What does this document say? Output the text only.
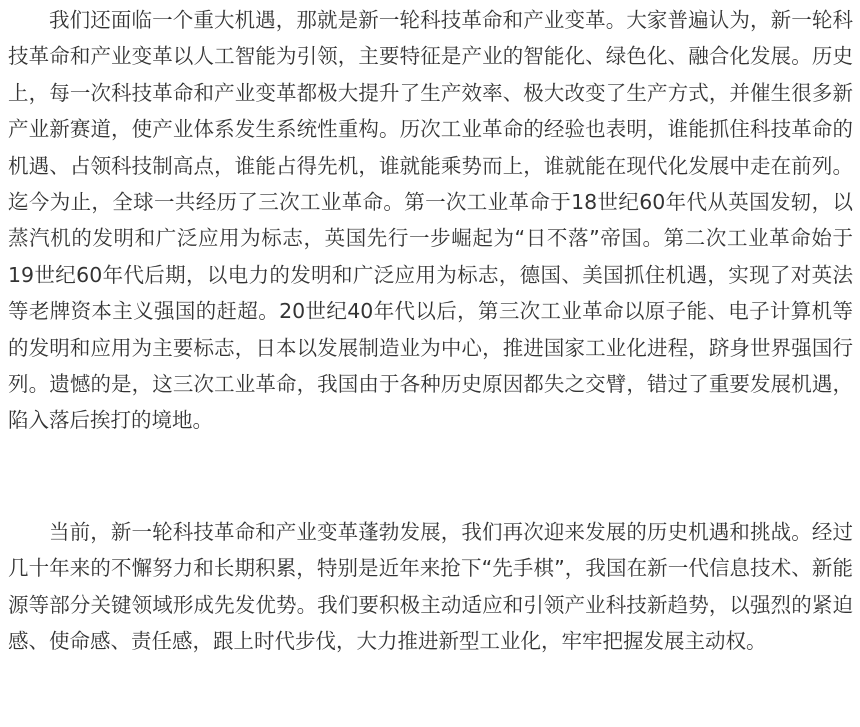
我们还面临一个重大机遇，那就是新一轮科技革命和产业变革。大家普遍认为，新一轮科技革命和产业变革以人工智能为引领，主要特征是产业的智能化、绿色化、融合化发展。历史上，每一次科技革命和产业变革都极大提升了生产效率、极大改变了生产方式，并催生很多新产业新赛道，使产业体系发生系统性重构。历次工业革命的经验也表明，谁能抓住科技革命的机遇、占领科技制高点，谁能占得先机，谁就能乘势而上，谁就能在现代化发展中走在前列。迄今为止，全球一共经历了三次工业革命。第一次工业革命于18世纪60年代从英国发轫，以蒸汽机的发明和广泛应用为标志，英国先行一步崛起为“日不落”帝国。第二次工业革命始于19世纪60年代后期，以电力的发明和广泛应用为标志，德国、美国抓住机遇，实现了对英法等老牌资本主义强国的赶超。20世纪40年代以后，第三次工业革命以原子能、电子计算机等的发明和应用为主要标志，日本以发展制造业为中心，推进国家工业化进程，跻身世界强国行列。遗憾的是，这三次工业革命，我国由于各种历史原因都失之交臂，错过了重要发展机遇，陷入落后挨打的境地。

当前，新一轮科技革命和产业变革蓬勃发展，我们再次迎来发展的历史机遇和挑战。经过几十年来的不懈努力和长期积累，特别是近年来抢下“先手棋”，我国在新一代信息技术、新能源等部分关键领域形成先发优势。我们要积极主动适应和引领产业科技新趋势，以强烈的紧迫感、使命感、责任感，跟上时代步伐，大力推进新型工业化，牢牢把握发展主动权。
